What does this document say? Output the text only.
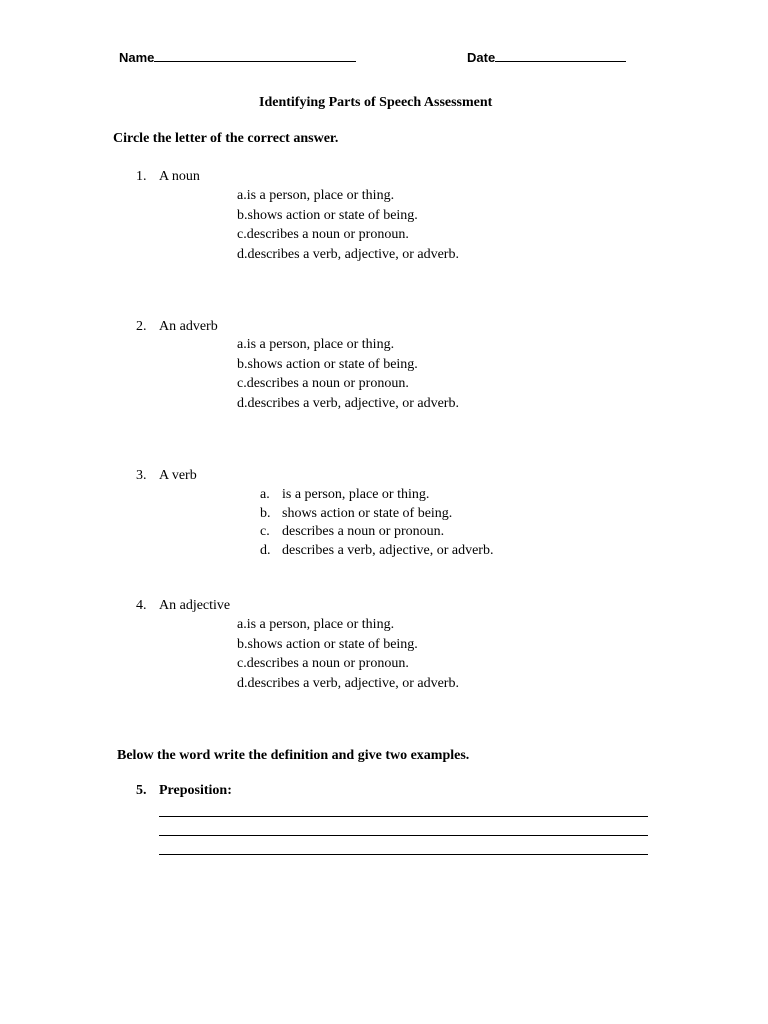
Name	Date
Identifying Parts of Speech Assessment
Circle the letter of the correct answer.
1. A noun
a.is a person, place or thing.
b.shows action or state of being.
c.describes a noun or pronoun.
d.describes a verb, adjective, or adverb.
2. An adverb
a.is a person, place or thing.
b.shows action or state of being.
c.describes a noun or pronoun.
d.describes a verb, adjective, or adverb.
3. A verb
a. is a person, place or thing.
b. shows action or state of being.
c. describes a noun or pronoun.
d. describes a verb, adjective, or adverb.
4. An adjective
a.is a person, place or thing.
b.shows action or state of being.
c.describes a noun or pronoun.
d.describes a verb, adjective, or adverb.
Below the word write the definition and give two examples.
5. Preposition:
